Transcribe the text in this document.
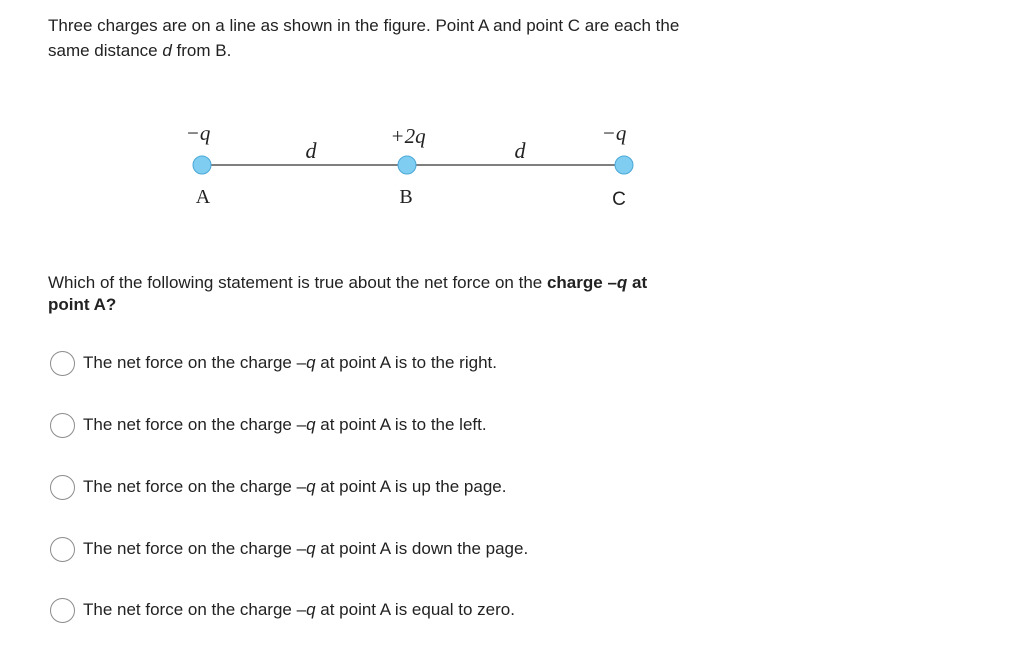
Three charges are on a line as shown in the figure. Point A and point C are each the
same distance d from B.
−q	+2q	−q
d	d
A	B	C
Which of the following statement is true about the net force on the charge –q at
point A?
The net force on the charge –q at point A is to the right.
The net force on the charge –q at point A is to the left.
The net force on the charge –q at point A is up the page.
The net force on the charge –q at point A is down the page.
The net force on the charge –q at point A is equal to zero.
